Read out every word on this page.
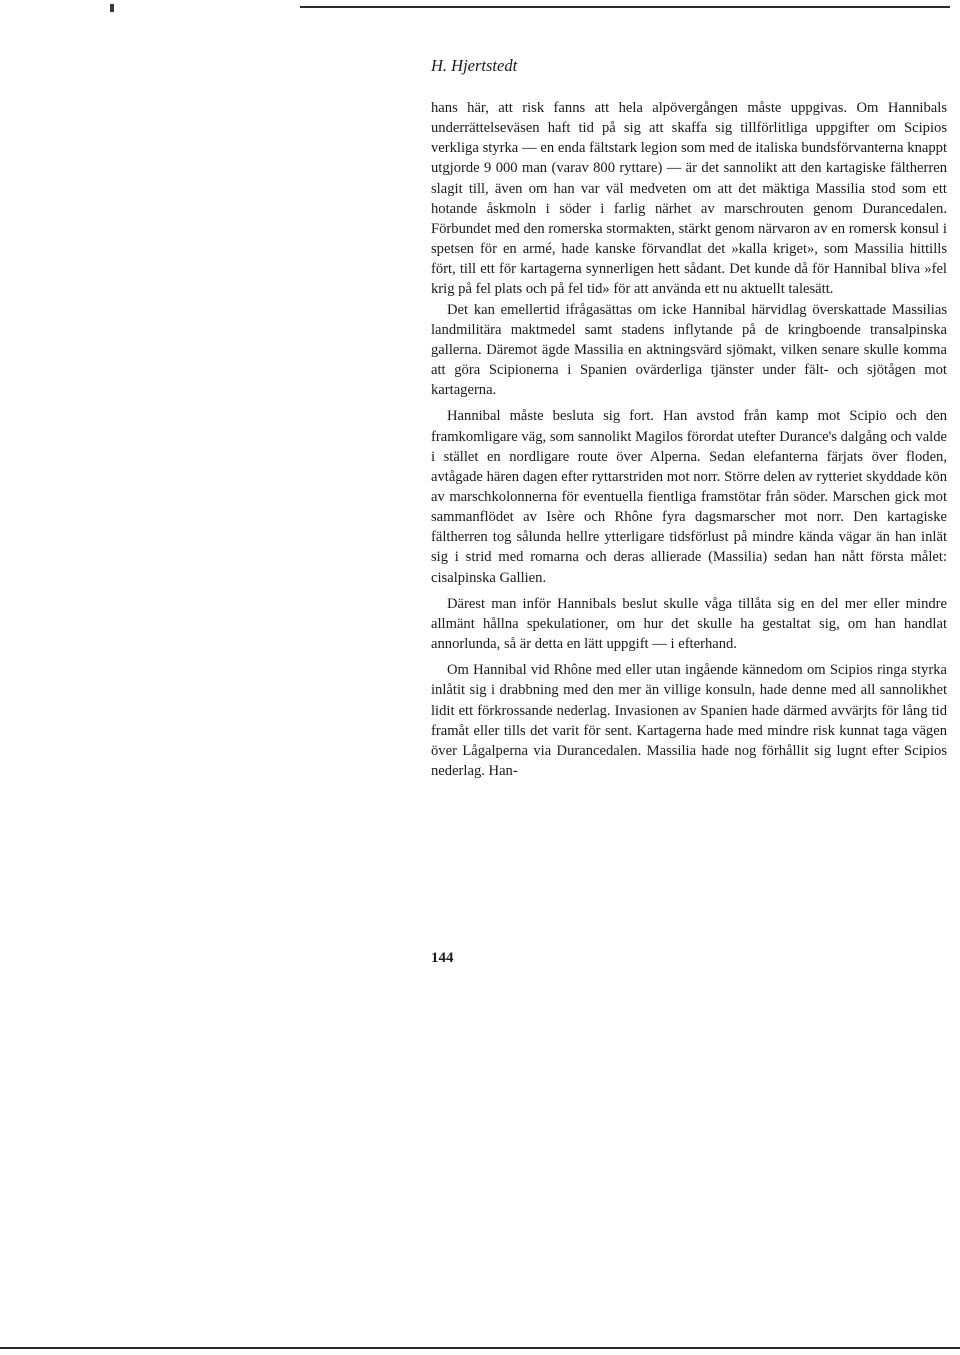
H. Hjertstedt

hans här, att risk fanns att hela alpövergången måste uppgivas. Om Hannibals underrättelseväsen haft tid på sig att skaffa sig tillförlitliga uppgifter om Scipios verkliga styrka — en enda fältstark legion som med de italiska bundsförvanterna knappt utgjorde 9 000 man (varav 800 ryttare) — är det sannolikt att den kartagiske fältherren slagit till, även om han var väl medveten om att det mäktiga Massilia stod som ett hotande åskmoln i söder i farlig närhet av marschrouten genom Durancedalen. Förbundet med den romerska stormakten, stärkt genom närvaron av en romersk konsul i spetsen för en armé, hade kanske förvandlat det »kalla kriget», som Massilia hittills fört, till ett för kartagerna synnerligen hett sådant. Det kunde då för Hannibal bliva »fel krig på fel plats och på fel tid» för att använda ett nu aktuellt talesätt.

Det kan emellertid ifrågasättas om icke Hannibal härvidlag överskattade Massilias landmilitära maktmedel samt stadens inflytande på de kringboende transalpinska gallerna. Däremot ägde Massilia en aktningsvärd sjömakt, vilken senare skulle komma att göra Scipionerna i Spanien ovärderliga tjänster under fält- och sjötågen mot kartagerna.

Hannibal måste besluta sig fort. Han avstod från kamp mot Scipio och den framkomligare väg, som sannolikt Magilos förordat utefter Durance's dalgång och valde i stället en nordligare route över Alperna. Sedan elefanterna färjats över floden, avtågade hären dagen efter ryttarstriden mot norr. Större delen av rytteriet skyddade kön av marschkolonnerna för eventuella fientliga framstötar från söder. Marschen gick mot sammanflödet av Isère och Rhône fyra dagsmarscher mot norr. Den kartagiske fältherren tog sålunda hellre ytterligare tidsförlust på mindre kända vägar än han inlät sig i strid med romarna och deras allierade (Massilia) sedan han nått första målet: cisalpinska Gallien.

Därest man inför Hannibals beslut skulle våga tillåta sig en del mer eller mindre allmänt hållna spekulationer, om hur det skulle ha gestaltat sig, om han handlat annorlunda, så är detta en lätt uppgift — i efterhand.

Om Hannibal vid Rhône med eller utan ingående kännedom om Scipios ringa styrka inlåtit sig i drabbning med den mer än villige konsuln, hade denne med all sannolikhet lidit ett förkrossande nederlag. Invasionen av Spanien hade därmed avvärjts för lång tid framåt eller tills det varit för sent. Kartagerna hade med mindre risk kunnat taga vägen över Lågalperna via Durancedalen. Massilia hade nog förhållit sig lugnt efter Scipios nederlag. Han-

144
